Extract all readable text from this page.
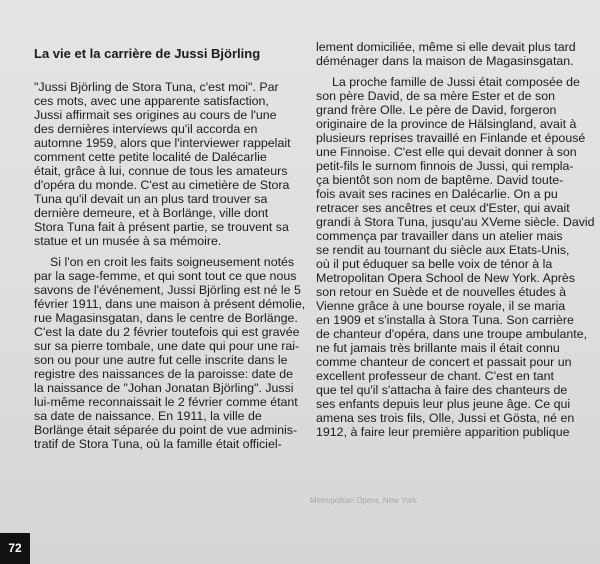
La vie et la carrière de Jussi Björling
"Jussi Björling de Stora Tuna, c'est moi". Par
ces mots, avec une apparente satisfaction,
Jussi affirmait ses origines au cours de l'une
des dernières interviews qu'il accorda en
automne 1959, alors que l'interviewer rappelait
comment cette petite localité de Dalécarlie
était, grâce à lui, connue de tous les amateurs
d'opéra du monde. C'est au cimetière de Stora
Tuna qu'il devait un an plus tard trouver sa
dernière demeure, et à Borlänge, ville dont
Stora Tuna fait à présent partie, se trouvent sa
statue et un musée à sa mémoire.
Si l'on en croit les faits soigneusement notés
par la sage-femme, et qui sont tout ce que nous
savons de l'événement, Jussi Björling est né le 5
février 1911, dans une maison à présent démolie,
rue Magasinsgatan, dans le centre de Borlänge.
C'est la date du 2 février toutefois qui est gravée
sur sa pierre tombale, une date qui pour une rai-
son ou pour une autre fut celle inscrite dans le
registre des naissances de la paroisse: date de
la naissance de "Johan Jonatan Björling". Jussi
lui-même reconnaissait le 2 février comme étant
sa date de naissance. En 1911, la ville de
Borlänge était séparée du point de vue adminis-
tratif de Stora Tuna, où la famille était officiel-
lement domiciliée, même si elle devait plus tard
déménager dans la maison de Magasinsgatan.
La proche famille de Jussi était composée de
son père David, de sa mère Ester et de son
grand frère Olle. Le père de David, forgeron
originaire de la province de Hälsingland, avait à
plusieurs reprises travaillé en Finlande et épousé
une Finnoise. C'est elle qui devait donner à son
petit-fils le surnom finnois de Jussi, qui rempla-
ça bientôt son nom de baptême. David toute-
fois avait ses racines en Dalécarlie. On a pu
retracer ses ancêtres et ceux d'Ester, qui avait
grandi à Stora Tuna, jusqu'au XVeme siècle. David
commença par travailler dans un atelier mais
se rendit au tournant du siècle aux Etats-Unis,
où il put éduquer sa belle voix de ténor à la
Metropolitan Opera School de New York. Après
son retour en Suède et de nouvelles études à
Vienne grâce à une bourse royale, il se maria
en 1909 et s'installa à Stora Tuna. Son carrière
de chanteur d'opéra, dans une troupe ambulante,
ne fut jamais très brillante mais il était connu
comme chanteur de concert et passait pour un
excellent professeur de chant. C'est en tant
que tel qu'il s'attacha à faire des chanteurs de
ses enfants depuis leur plus jeune âge. Ce qui
amena ses trois fils, Olle, Jussi et Gösta, né en
1912, à faire leur première apparition publique
Metropolitan Opera, New York
72
